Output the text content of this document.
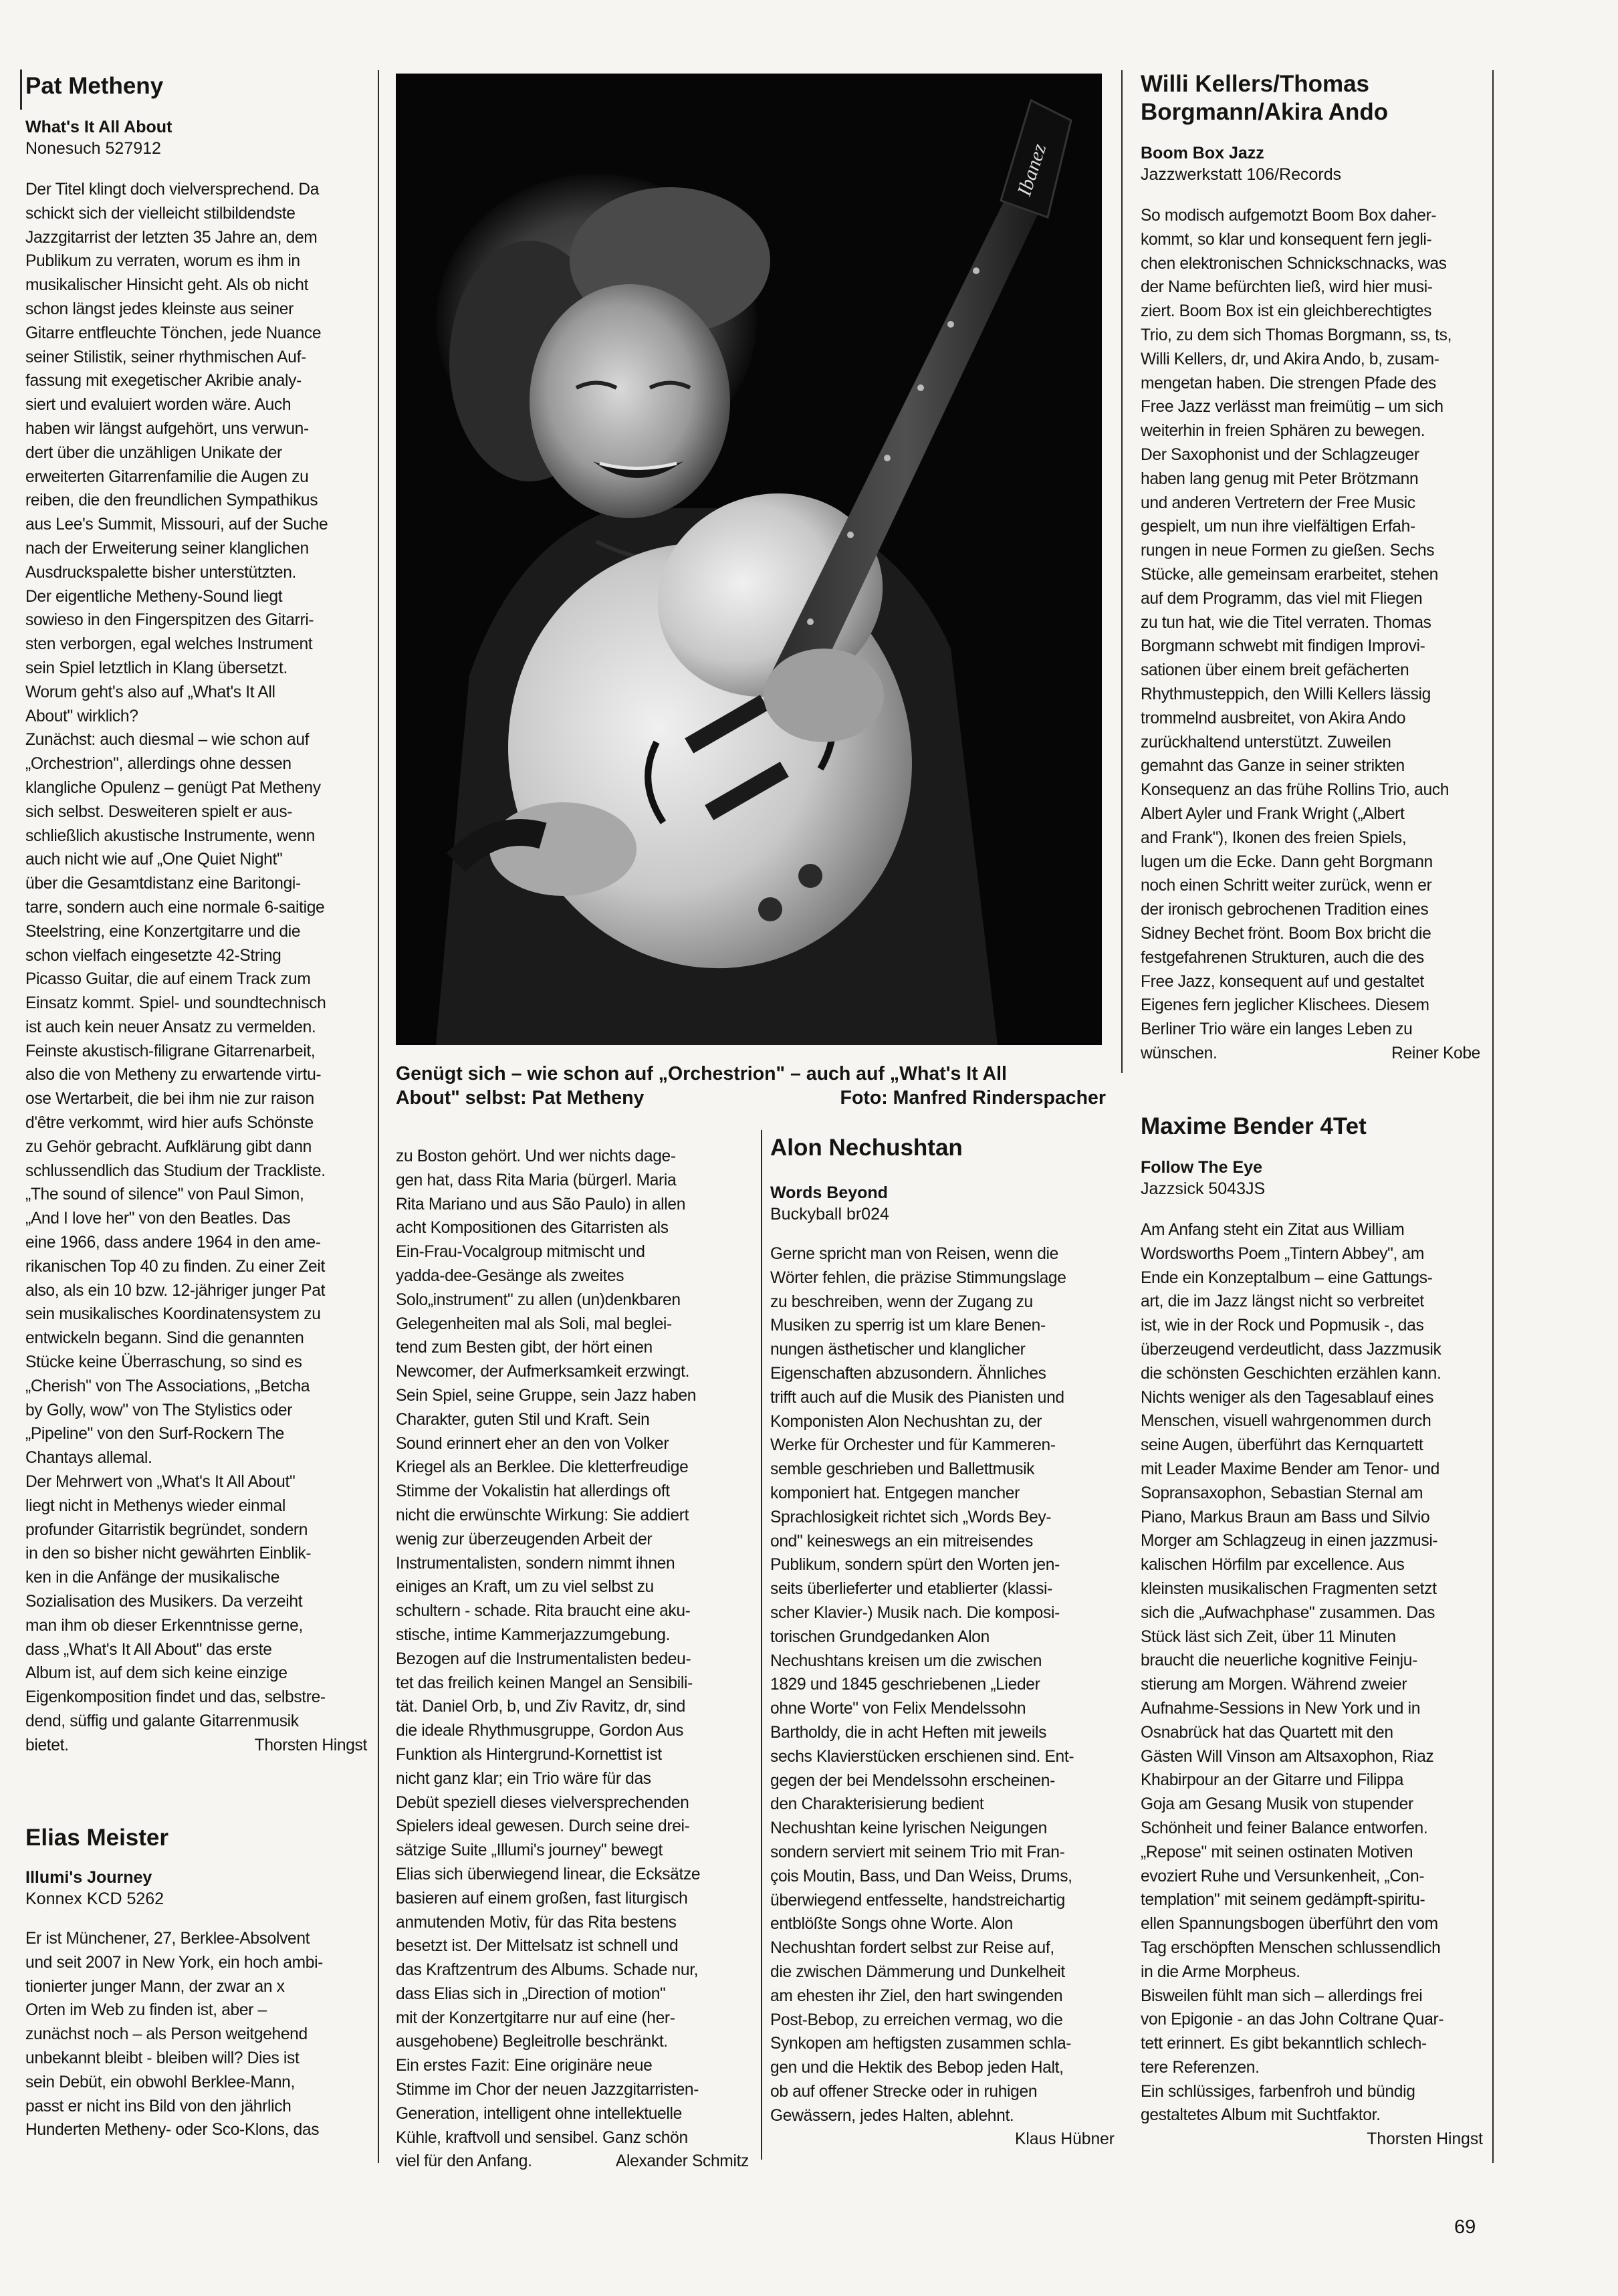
Pat Metheny

What's It All About

Nonesuch 527912

Der Titel klingt doch vielversprechend. Da
schickt sich der vielleicht stilbildendste
Jazzgitarrist der letzten 35 Jahre an, dem
Publikum zu verraten, worum es ihm in
musikalischer Hinsicht geht. Als ob nicht
schon längst jedes kleinste aus seiner
Gitarre entfleuchte Tönchen, jede Nuance
seiner Stilistik, seiner rhythmischen Auf-
fassung mit exegetischer Akribie analy-
siert und evaluiert worden wäre. Auch
haben wir längst aufgehört, uns verwun-
dert über die unzähligen Unikate der
erweiterten Gitarrenfamilie die Augen zu
reiben, die den freundlichen Sympathikus
aus Lee's Summit, Missouri, auf der Suche
nach der Erweiterung seiner klanglichen
Ausdruckspalette bisher unterstützten.
Der eigentliche Metheny-Sound liegt
sowieso in den Fingerspitzen des Gitarri-
sten verborgen, egal welches Instrument
sein Spiel letztlich in Klang übersetzt.
Worum geht's also auf „What's It All
About" wirklich?
Zunächst: auch diesmal – wie schon auf
„Orchestrion", allerdings ohne dessen
klangliche Opulenz – genügt Pat Metheny
sich selbst. Desweiteren spielt er aus-
schließlich akustische Instrumente, wenn
auch nicht wie auf „One Quiet Night"
über die Gesamtdistanz eine Baritongi-
tarre, sondern auch eine normale 6-saitige
Steelstring, eine Konzertgitarre und die
schon vielfach eingesetzte 42-String
Picasso Guitar, die auf einem Track zum
Einsatz kommt. Spiel- und soundtechnisch
ist auch kein neuer Ansatz zu vermelden.
Feinste akustisch-filigrane Gitarrenarbeit,
also die von Metheny zu erwartende virtu-
ose Wertarbeit, die bei ihm nie zur raison
d'être verkommt, wird hier aufs Schönste
zu Gehör gebracht. Aufklärung gibt dann
schlussendlich das Studium der Trackliste.
„The sound of silence" von Paul Simon,
„And I love her" von den Beatles. Das
eine 1966, dass andere 1964 in den ame-
rikanischen Top 40 zu finden. Zu einer Zeit
also, als ein 10 bzw. 12-jähriger junger Pat
sein musikalisches Koordinatensystem zu
entwickeln begann. Sind die genannten
Stücke keine Überraschung, so sind es
„Cherish" von The Associations, „Betcha
by Golly, wow" von The Stylistics oder
„Pipeline" von den Surf-Rockern The
Chantays allemal.
Der Mehrwert von „What's It All About"
liegt nicht in Methenys wieder einmal
profunder Gitarristik begründet, sondern
in den so bisher nicht gewährten Einblik-
ken in die Anfänge der musikalische
Sozialisation des Musikers. Da verzeiht
man ihm ob dieser Erkenntnisse gerne,
dass „What's It All About" das erste
Album ist, auf dem sich keine einzige
Eigenkomposition findet und das, selbstre-
dend, süffig und galante Gitarrenmusik

bietet.	Thorsten Hingst

Elias Meister

Illumi's Journey

Konnex KCD 5262

Er ist Münchener, 27, Berklee-Absolvent
und seit 2007 in New York, ein hoch ambi-
tionierter junger Mann, der zwar an x
Orten im Web zu finden ist, aber –
zunächst noch – als Person weitgehend
unbekannt bleibt - bleiben will? Dies ist
sein Debüt, ein obwohl Berklee-Mann,
passt er nicht ins Bild von den jährlich
Hunderten Metheny- oder Sco-Klons, das

Ibanez
Genügt sich – wie schon auf „Orchestrion" – auch auf „What's It All
About" selbst: Pat Metheny	Foto: Manfred Rinderspacher

zu Boston gehört. Und wer nichts dage-
gen hat, dass Rita Maria (bürgerl. Maria
Rita Mariano und aus São Paulo) in allen
acht Kompositionen des Gitarristen als
Ein-Frau-Vocalgroup mitmischt und
yadda-dee-Gesänge als zweites
Solo„instrument" zu allen (un)denkbaren
Gelegenheiten mal als Soli, mal beglei-
tend zum Besten gibt, der hört einen
Newcomer, der Aufmerksamkeit erzwingt.
Sein Spiel, seine Gruppe, sein Jazz haben
Charakter, guten Stil und Kraft. Sein
Sound erinnert eher an den von Volker
Kriegel als an Berklee. Die kletterfreudige
Stimme der Vokalistin hat allerdings oft
nicht die erwünschte Wirkung: Sie addiert
wenig zur überzeugenden Arbeit der
Instrumentalisten, sondern nimmt ihnen
einiges an Kraft, um zu viel selbst zu
schultern - schade. Rita braucht eine aku-
stische, intime Kammerjazzumgebung.
Bezogen auf die Instrumentalisten bedeu-
tet das freilich keinen Mangel an Sensibili-
tät. Daniel Orb, b, und Ziv Ravitz, dr, sind
die ideale Rhythmusgruppe, Gordon Aus
Funktion als Hintergrund-Kornettist ist
nicht ganz klar; ein Trio wäre für das
Debüt speziell dieses vielversprechenden
Spielers ideal gewesen. Durch seine drei-
sätzige Suite „Illumi's journey" bewegt
Elias sich überwiegend linear, die Ecksätze
basieren auf einem großen, fast liturgisch
anmutenden Motiv, für das Rita bestens
besetzt ist. Der Mittelsatz ist schnell und
das Kraftzentrum des Albums. Schade nur,
dass Elias sich in „Direction of motion"
mit der Konzertgitarre nur auf eine (her-
ausgehobene) Begleitrolle beschränkt.
Ein erstes Fazit: Eine originäre neue
Stimme im Chor der neuen Jazzgitarristen-
Generation, intelligent ohne intellektuelle
Kühle, kraftvoll und sensibel. Ganz schön

viel für den Anfang.	Alexander Schmitz

Alon Nechushtan

Words Beyond

Buckyball br024

Gerne spricht man von Reisen, wenn die
Wörter fehlen, die präzise Stimmungslage
zu beschreiben, wenn der Zugang zu
Musiken zu sperrig ist um klare Benen-
nungen ästhetischer und klanglicher
Eigenschaften abzusondern. Ähnliches
trifft auch auf die Musik des Pianisten und
Komponisten Alon Nechushtan zu, der
Werke für Orchester und für Kammeren-
semble geschrieben und Ballettmusik
komponiert hat. Entgegen mancher
Sprachlosigkeit richtet sich „Words Bey-
ond" keineswegs an ein mitreisendes
Publikum, sondern spürt den Worten jen-
seits überlieferter und etablierter (klassi-
scher Klavier-) Musik nach. Die komposi-
torischen Grundgedanken Alon
Nechushtans kreisen um die zwischen
1829 und 1845 geschriebenen „Lieder
ohne Worte" von Felix Mendelssohn
Bartholdy, die in acht Heften mit jeweils
sechs Klavierstücken erschienen sind. Ent-
gegen der bei Mendelssohn erscheinen-
den Charakterisierung bedient
Nechushtan keine lyrischen Neigungen
sondern serviert mit seinem Trio mit Fran-
çois Moutin, Bass, und Dan Weiss, Drums,
überwiegend entfesselte, handstreichartig
entblößte Songs ohne Worte. Alon
Nechushtan fordert selbst zur Reise auf,
die zwischen Dämmerung und Dunkelheit
am ehesten ihr Ziel, den hart swingenden
Post-Bebop, zu erreichen vermag, wo die
Synkopen am heftigsten zusammen schla-
gen und die Hektik des Bebop jeden Halt,
ob auf offener Strecke oder in ruhigen
Gewässern, jedes Halten, ablehnt.

Klaus Hübner

Willi Kellers/Thomas

Borgmann/Akira Ando

Boom Box Jazz

Jazzwerkstatt 106/Records

So modisch aufgemotzt Boom Box daher-
kommt, so klar und konsequent fern jegli-
chen elektronischen Schnickschnacks, was
der Name befürchten ließ, wird hier musi-
ziert. Boom Box ist ein gleichberechtigtes
Trio, zu dem sich Thomas Borgmann, ss, ts,
Willi Kellers, dr, und Akira Ando, b, zusam-
mengetan haben. Die strengen Pfade des
Free Jazz verlässt man freimütig – um sich
weiterhin in freien Sphären zu bewegen.
Der Saxophonist und der Schlagzeuger
haben lang genug mit Peter Brötzmann
und anderen Vertretern der Free Music
gespielt, um nun ihre vielfältigen Erfah-
rungen in neue Formen zu gießen. Sechs
Stücke, alle gemeinsam erarbeitet, stehen
auf dem Programm, das viel mit Fliegen
zu tun hat, wie die Titel verraten. Thomas
Borgmann schwebt mit findigen Improvi-
sationen über einem breit gefächerten
Rhythmusteppich, den Willi Kellers lässig
trommelnd ausbreitet, von Akira Ando
zurückhaltend unterstützt. Zuweilen
gemahnt das Ganze in seiner strikten
Konsequenz an das frühe Rollins Trio, auch
Albert Ayler und Frank Wright („Albert
and Frank"), Ikonen des freien Spiels,
lugen um die Ecke. Dann geht Borgmann
noch einen Schritt weiter zurück, wenn er
der ironisch gebrochenen Tradition eines
Sidney Bechet frönt. Boom Box bricht die
festgefahrenen Strukturen, auch die des
Free Jazz, konsequent auf und gestaltet
Eigenes fern jeglicher Klischees. Diesem
Berliner Trio wäre ein langes Leben zu

wünschen.	Reiner Kobe

Maxime Bender 4Tet

Follow The Eye

Jazzsick 5043JS

Am Anfang steht ein Zitat aus William
Wordsworths Poem „Tintern Abbey", am
Ende ein Konzeptalbum – eine Gattungs-
art, die im Jazz längst nicht so verbreitet
ist, wie in der Rock und Popmusik -, das
überzeugend verdeutlicht, dass Jazzmusik
die schönsten Geschichten erzählen kann.
Nichts weniger als den Tagesablauf eines
Menschen, visuell wahrgenommen durch
seine Augen, überführt das Kernquartett
mit Leader Maxime Bender am Tenor- und
Sopransaxophon, Sebastian Sternal am
Piano, Markus Braun am Bass und Silvio
Morger am Schlagzeug in einen jazzmusi-
kalischen Hörfilm par excellence. Aus
kleinsten musikalischen Fragmenten setzt
sich die „Aufwachphase" zusammen. Das
Stück läst sich Zeit, über 11 Minuten
braucht die neuerliche kognitive Feinju-
stierung am Morgen. Während zweier
Aufnahme-Sessions in New York und in
Osnabrück hat das Quartett mit den
Gästen Will Vinson am Altsaxophon, Riaz
Khabirpour an der Gitarre und Filippa
Goja am Gesang Musik von stupender
Schönheit und feiner Balance entworfen.
„Repose" mit seinen ostinaten Motiven
evoziert Ruhe und Versunkenheit, „Con-
templation" mit seinem gedämpft-spiritu-
ellen Spannungsbogen überführt den vom
Tag erschöpften Menschen schlussendlich
in die Arme Morpheus.
Bisweilen fühlt man sich – allerdings frei
von Epigonie - an das John Coltrane Quar-
tett erinnert. Es gibt bekanntlich schlech-
tere Referenzen.
Ein schlüssiges, farbenfroh und bündig
gestaltetes Album mit Suchtfaktor.

Thorsten Hingst

69
